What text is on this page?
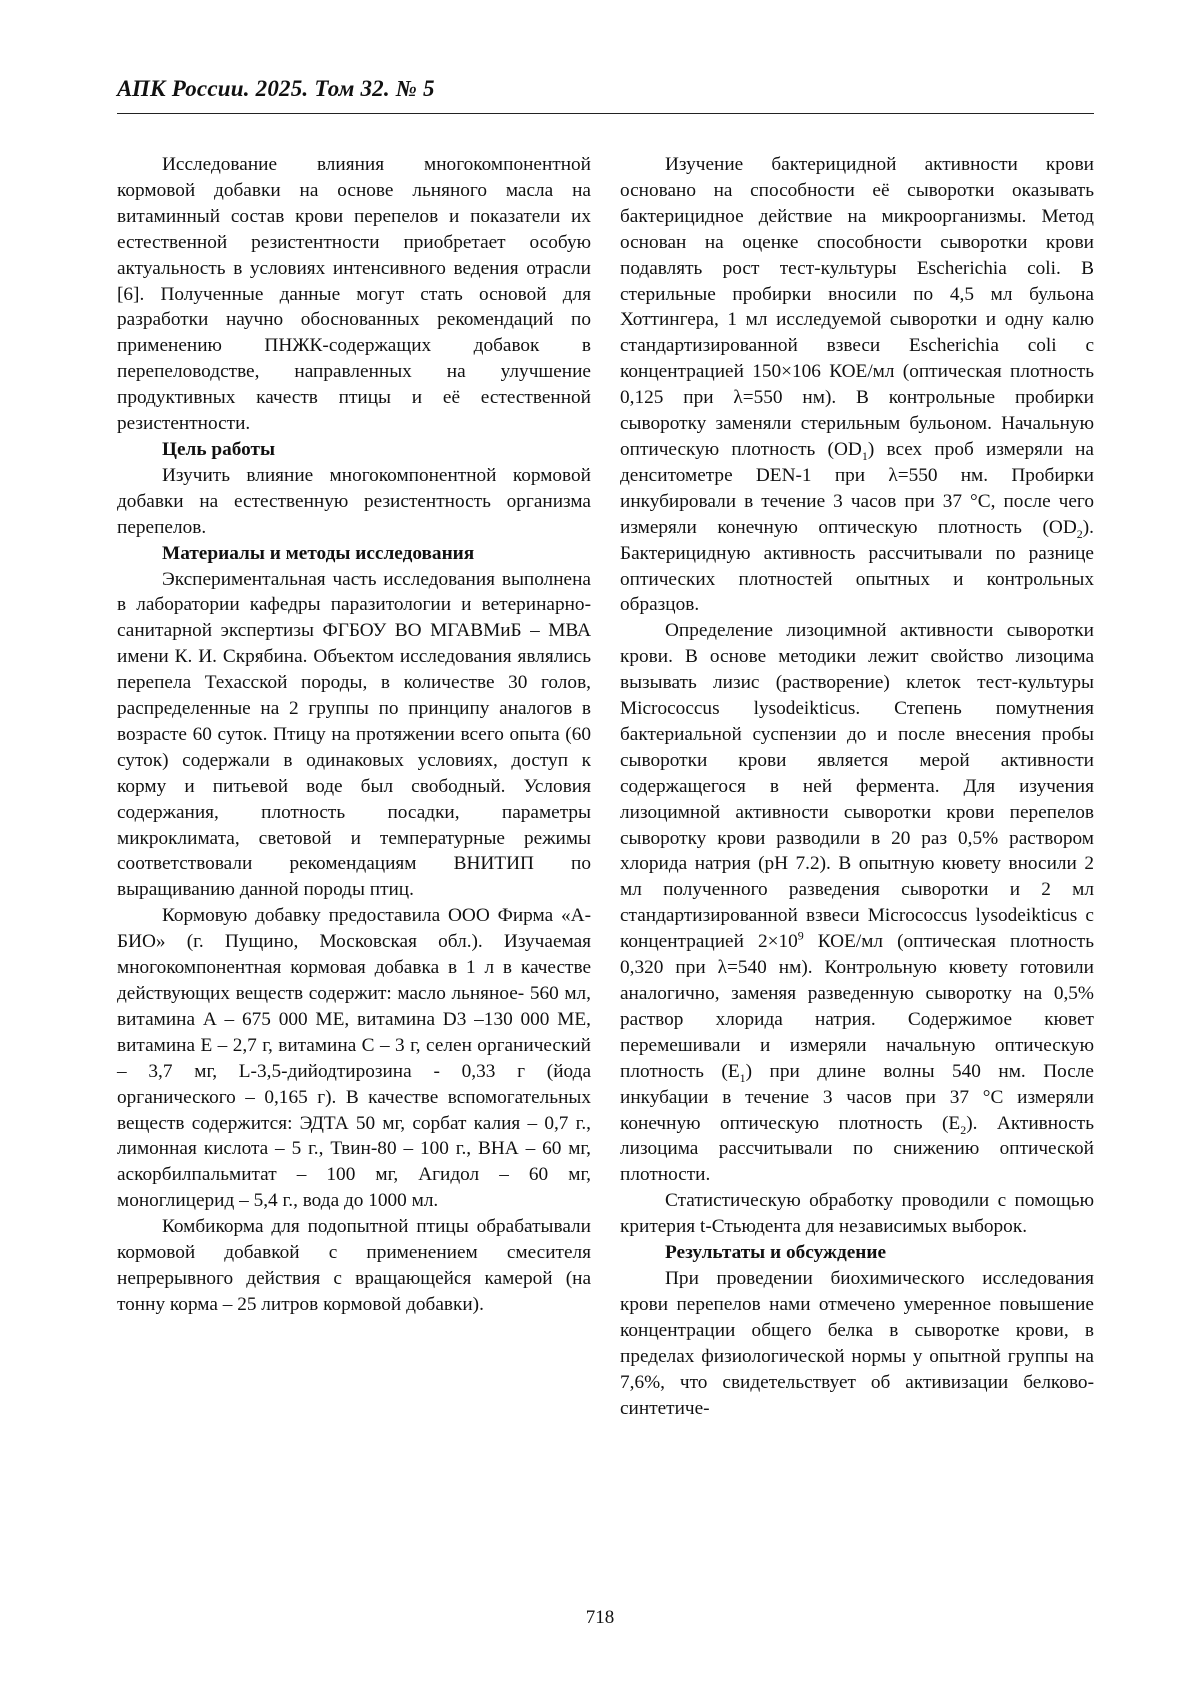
АПК России. 2025. Том 32. № 5

Исследование влияния многокомпонентной кормовой добавки на основе льняного масла на витаминный состав крови перепелов и показатели их естественной резистентности приобретает особую актуальность в условиях интенсивного ведения отрасли [6]. Полученные данные могут стать основой для разработки научно обоснованных рекомендаций по применению ПНЖК-содержащих добавок в перепеловодстве, направленных на улучшение продуктивных качеств птицы и её естественной резистентности.

Цель работы

Изучить влияние многокомпонентной кормовой добавки на естественную резистентность организма перепелов.

Материалы и методы исследования

Экспериментальная часть исследования выполнена в лаборатории кафедры паразитологии и ветеринарно-санитарной экспертизы ФГБОУ ВО МГАВМиБ – МВА имени К. И. Скрябина. Объектом исследования являлись перепела Техасской породы, в количестве 30 голов, распределенные на 2 группы по принципу аналогов в возрасте 60 суток. Птицу на протяжении всего опыта (60 суток) содержали в одинаковых условиях, доступ к корму и питьевой воде был свободный. Условия содержания, плотность посадки, параметры микроклимата, световой и температурные режимы соответствовали рекомендациям ВНИТИП по выращиванию данной породы птиц.

Кормовую добавку предоставила ООО Фирма «А-БИО» (г. Пущино, Московская обл.). Изучаемая многокомпонентная кормовая добавка в 1 л в качестве действующих веществ содержит: масло льняное- 560 мл, витамина А – 675 000 МЕ, витамина D3 –130 000 МЕ, витамина Е – 2,7 г, витамина С – 3 г, селен органический – 3,7 мг, L-3,5-дийодтирозина - 0,33 г (йода органического – 0,165 г). В качестве вспомогательных веществ содержится: ЭДТА 50 мг, сорбат калия – 0,7 г., лимонная кислота – 5 г., Твин-80 – 100 г., ВНА – 60 мг, аскорбилпальмитат – 100 мг, Агидол – 60 мг, моноглицерид – 5,4 г., вода до 1000 мл.

Комбикорма для подопытной птицы обрабатывали кормовой добавкой с применением смесителя непрерывного действия с вращающейся камерой (на тонну корма – 25 литров кормовой добавки).

Изучение бактерицидной активности крови основано на способности её сыворотки оказывать бактерицидное действие на микроорганизмы. Метод основан на оценке способности сыворотки крови подавлять рост тест-культуры Escherichia coli. В стерильные пробирки вносили по 4,5 мл бульона Хоттингера, 1 мл исследуемой сыворотки и одну калю стандартизированной взвеси Escherichia coli с концентрацией 150×106 КОЕ/мл (оптическая плотность 0,125 при λ=550 нм). В контрольные пробирки сыворотку заменяли стерильным бульоном. Начальную оптическую плотность $(OD_1)$ всех проб измеряли на денситометре DEN-1 при λ=550 нм. Пробирки инкубировали в течение 3 часов при 37 °С, после чего измеряли конечную оптическую плотность $(OD_2)$. Бактерицидную активность рассчитывали по разнице оптических плотностей опытных и контрольных образцов.

Определение лизоцимной активности сыворотки крови. В основе методики лежит свойство лизоцима вызывать лизис (растворение) клеток тест-культуры Micrococcus lysodeikticus. Степень помутнения бактериальной суспензии до и после внесения пробы сыворотки крови является мерой активности содержащегося в ней фермента. Для изучения лизоцимной активности сыворотки крови перепелов сыворотку крови разводили в 20 раз 0,5% раствором хлорида натрия (рН 7.2). В опытную кювету вносили 2 мл полученного разведения сыворотки и 2 мл стандартизированной взвеси Micrococcus lysodeikticus с концентрацией $2\times 10^9$ КОЕ/мл (оптическая плотность 0,320 при λ=540 нм). Контрольную кювету готовили аналогично, заменяя разведенную сыворотку на 0,5% раствор хлорида натрия. Содержимое кювет перемешивали и измеряли начальную оптическую плотность $(Е_1)$ при длине волны 540 нм. После инкубации в течение 3 часов при 37 °С измеряли конечную оптическую плотность $(Е_2)$. Активность лизоцима рассчитывали по снижению оптической плотности.

Статистическую обработку проводили с помощью критерия t-Стьюдента для независимых выборок.

Результаты и обсуждение

При проведении биохимического исследования крови перепелов нами отмечено умеренное повышение концентрации общего белка в сыворотке крови, в пределах физиологической нормы у опытной группы на 7,6%, что свидетельствует об активизации белково-синтетиче-

718
